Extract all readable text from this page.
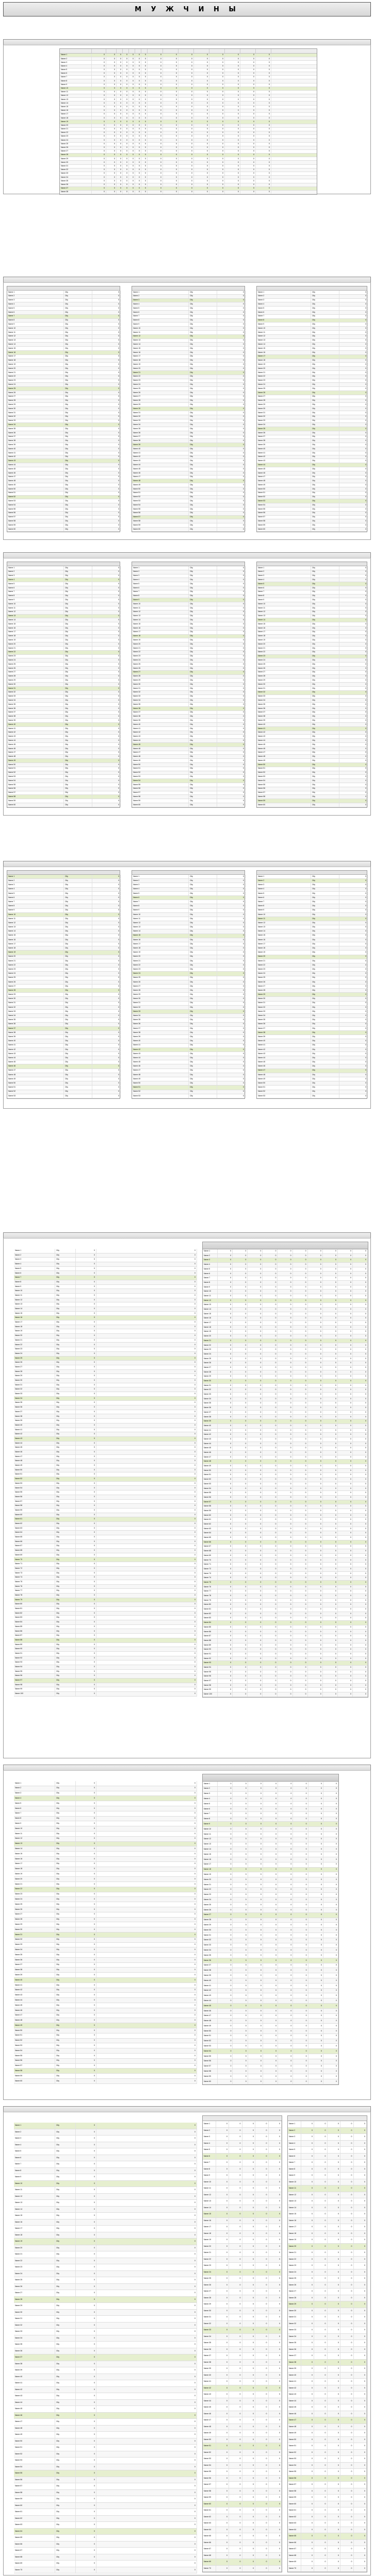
М У Ж Ч И Н Ы
Name 1	0	0	0	0	0	0	0	0	0	0	0	0	0	0	0
Name 2	0	0	0	0	0	0	0	0	0	0	0	0	0	0	0
Name 3	0	0	0	0	0	0	0	0	0	0	0	0	0	0	0
Name 4	0	0	0	0	0	0	0	0	0	0	0	0	0	0	0
Name 5	0	0	0	0	0	0	0	0	0	0	0	0	0	0	0
Name 6	0	0	0	0	0	0	0	0	0	0	0	0	0	0	0
Name 7	0	0	0	0	0	0	0	0	0	0	0	0	0	0	0
Name 8	0	0	0	0	0	0	0	0	0	0	0	0	0	0	0
Name 9	0	0	0	0	0	0	0	0	0	0	0	0	0	0	0
Name 10	0	0	0	0	0	0	0	0	0	0	0	0	0	0	0
Name 11	0	0	0	0	0	0	0	0	0	0	0	0	0	0	0
Name 12	0	0	0	0	0	0	0	0	0	0	0	0	0	0	0
Name 13	0	0	0	0	0	0	0	0	0	0	0	0	0	0	0
Name 14	0	0	0	0	0	0	0	0	0	0	0	0	0	0	0
Name 15	0	0	0	0	0	0	0	0	0	0	0	0	0	0	0
Name 16	0	0	0	0	0	0	0	0	0	0	0	0	0	0	0
Name 17	0	0	0	0	0	0	0	0	0	0	0	0	0	0	0
Name 18	0	0	0	0	0	0	0	0	0	0	0	0	0	0	0
Name 19	0	0	0	0	0	0	0	0	0	0	0	0	0	0	0
Name 20	0	0	0	0	0	0	0	0	0	0	0	0	0	0	0
Name 21	0	0	0	0	0	0	0	0	0	0	0	0	0	0	0
Name 22	0	0	0	0	0	0	0	0	0	0	0	0	0	0	0
Name 23	0	0	0	0	0	0	0	0	0	0	0	0	0	0	0
Name 24	0	0	0	0	0	0	0	0	0	0	0	0	0	0	0
Name 25	0	0	0	0	0	0	0	0	0	0	0	0	0	0	0
Name 26	0	0	0	0	0	0	0	0	0	0	0	0	0	0	0
Name 27	0	0	0	0	0	0	0	0	0	0	0	0	0	0	0
Name 28	0	0	0	0	0	0	0	0	0	0	0	0	0	0	0
Name 29	0	0	0	0	0	0	0	0	0	0	0	0	0	0	0
Name 30	0	0	0	0	0	0	0	0	0	0	0	0	0	0	0
Name 31	0	0	0	0	0	0	0	0	0	0	0	0	0	0	0
Name 32	0	0	0	0	0	0	0	0	0	0	0	0	0	0	0
Name 33	0	0	0	0	0	0	0	0	0	0	0	0	0	0	0
Name 34	0	0	0	0	0	0	0	0	0	0	0	0	0	0	0
Name 35	0	0	0	0	0	0	0	0	0	0	0	0	0	0	0
Name 36	0	0	0	0	0	0	0	0	0	0	0	0	0	0	0
Name 37	0	0	0	0	0	0	0	0	0	0	0	0	0	0	0
Name 38	0	0	0	0	0	0	0	0	0	0	0	0	0	0	0
Name 1	City	0
Name 2	City	0
Name 3	City	0
Name 4	City	0
Name 5	City	0
Name 6	City	0
Name 7	City	0
Name 8	City	0
Name 9	City	0
Name 10	City	0
Name 11	City	0
Name 12	City	0
Name 13	City	0
Name 14	City	0
Name 15	City	0
Name 16	City	0
Name 17	City	0
Name 18	City	0
Name 19	City	0
Name 20	City	0
Name 21	City	0
Name 22	City	0
Name 23	City	0
Name 24	City	0
Name 25	City	0
Name 26	City	0
Name 27	City	0
Name 28	City	0
Name 29	City	0
Name 30	City	0
Name 31	City	0
Name 32	City	0
Name 33	City	0
Name 34	City	0
Name 35	City	0
Name 36	City	0
Name 37	City	0
Name 38	City	0
Name 39	City	0
Name 40	City	0
Name 41	City	0
Name 42	City	0
Name 43	City	0
Name 44	City	0
Name 45	City	0
Name 46	City	0
Name 47	City	0
Name 48	City	0
Name 49	City	0
Name 50	City	0
Name 51	City	0
Name 52	City	0
Name 53	City	0
Name 54	City	0
Name 55	City	0
Name 56	City	0
Name 57	City	0
Name 58	City	0
Name 59	City	0
Name 60	City	0
Name 1	City	0
Name 2	City	0
Name 3	City	0
Name 4	City	0
Name 5	City	0
Name 6	City	0
Name 7	City	0
Name 8	City	0
Name 9	City	0
Name 10	City	0
Name 11	City	0
Name 12	City	0
Name 13	City	0
Name 14	City	0
Name 15	City	0
Name 16	City	0
Name 17	City	0
Name 18	City	0
Name 19	City	0
Name 20	City	0
Name 21	City	0
Name 22	City	0
Name 23	City	0
Name 24	City	0
Name 25	City	0
Name 26	City	0
Name 27	City	0
Name 28	City	0
Name 29	City	0
Name 30	City	0
Name 31	City	0
Name 32	City	0
Name 33	City	0
Name 34	City	0
Name 35	City	0
Name 36	City	0
Name 37	City	0
Name 38	City	0
Name 39	City	0
Name 40	City	0
Name 41	City	0
Name 42	City	0
Name 43	City	0
Name 44	City	0
Name 45	City	0
Name 46	City	0
Name 47	City	0
Name 48	City	0
Name 49	City	0
Name 50	City	0
Name 51	City	0
Name 52	City	0
Name 53	City	0
Name 54	City	0
Name 55	City	0
Name 56	City	0
Name 57	City	0
Name 58	City	0
Name 59	City	0
Name 60	City	0
Name 1	City	0
Name 2	City	0
Name 3	City	0
Name 4	City	0
Name 5	City	0
Name 6	City	0
Name 7	City	0
Name 8	City	0
Name 9	City	0
Name 10	City	0
Name 11	City	0
Name 12	City	0
Name 13	City	0
Name 14	City	0
Name 15	City	0
Name 16	City	0
Name 17	City	0
Name 18	City	0
Name 19	City	0
Name 20	City	0
Name 21	City	0
Name 22	City	0
Name 23	City	0
Name 24	City	0
Name 25	City	0
Name 26	City	0
Name 27	City	0
Name 28	City	0
Name 29	City	0
Name 30	City	0
Name 31	City	0
Name 32	City	0
Name 33	City	0
Name 34	City	0
Name 35	City	0
Name 36	City	0
Name 37	City	0
Name 38	City	0
Name 39	City	0
Name 40	City	0
Name 41	City	0
Name 42	City	0
Name 43	City	0
Name 44	City	0
Name 45	City	0
Name 46	City	0
Name 47	City	0
Name 48	City	0
Name 49	City	0
Name 50	City	0
Name 51	City	0
Name 52	City	0
Name 53	City	0
Name 54	City	0
Name 55	City	0
Name 56	City	0
Name 57	City	0
Name 58	City	0
Name 59	City	0
Name 60	City	0
Name 1	City	0
Name 2	City	0
Name 3	City	0
Name 4	City	0
Name 5	City	0
Name 6	City	0
Name 7	City	0
Name 8	City	0
Name 9	City	0
Name 10	City	0
Name 11	City	0
Name 12	City	0
Name 13	City	0
Name 14	City	0
Name 15	City	0
Name 16	City	0
Name 17	City	0
Name 18	City	0
Name 19	City	0
Name 20	City	0
Name 21	City	0
Name 22	City	0
Name 23	City	0
Name 24	City	0
Name 25	City	0
Name 26	City	0
Name 27	City	0
Name 28	City	0
Name 29	City	0
Name 30	City	0
Name 31	City	0
Name 32	City	0
Name 33	City	0
Name 34	City	0
Name 35	City	0
Name 36	City	0
Name 37	City	0
Name 38	City	0
Name 39	City	0
Name 40	City	0
Name 41	City	0
Name 42	City	0
Name 43	City	0
Name 44	City	0
Name 45	City	0
Name 46	City	0
Name 47	City	0
Name 48	City	0
Name 49	City	0
Name 50	City	0
Name 51	City	0
Name 52	City	0
Name 53	City	0
Name 54	City	0
Name 55	City	0
Name 56	City	0
Name 57	City	0
Name 58	City	0
Name 59	City	0
Name 60	City	0
Name 1	City	0
Name 2	City	0
Name 3	City	0
Name 4	City	0
Name 5	City	0
Name 6	City	0
Name 7	City	0
Name 8	City	0
Name 9	City	0
Name 10	City	0
Name 11	City	0
Name 12	City	0
Name 13	City	0
Name 14	City	0
Name 15	City	0
Name 16	City	0
Name 17	City	0
Name 18	City	0
Name 19	City	0
Name 20	City	0
Name 21	City	0
Name 22	City	0
Name 23	City	0
Name 24	City	0
Name 25	City	0
Name 26	City	0
Name 27	City	0
Name 28	City	0
Name 29	City	0
Name 30	City	0
Name 31	City	0
Name 32	City	0
Name 33	City	0
Name 34	City	0
Name 35	City	0
Name 36	City	0
Name 37	City	0
Name 38	City	0
Name 39	City	0
Name 40	City	0
Name 41	City	0
Name 42	City	0
Name 43	City	0
Name 44	City	0
Name 45	City	0
Name 46	City	0
Name 47	City	0
Name 48	City	0
Name 49	City	0
Name 50	City	0
Name 51	City	0
Name 52	City	0
Name 53	City	0
Name 54	City	0
Name 55	City	0
Name 56	City	0
Name 57	City	0
Name 58	City	0
Name 59	City	0
Name 60	City	0
Name 1	City	0
Name 2	City	0
Name 3	City	0
Name 4	City	0
Name 5	City	0
Name 6	City	0
Name 7	City	0
Name 8	City	0
Name 9	City	0
Name 10	City	0
Name 11	City	0
Name 12	City	0
Name 13	City	0
Name 14	City	0
Name 15	City	0
Name 16	City	0
Name 17	City	0
Name 18	City	0
Name 19	City	0
Name 20	City	0
Name 21	City	0
Name 22	City	0
Name 23	City	0
Name 24	City	0
Name 25	City	0
Name 26	City	0
Name 27	City	0
Name 28	City	0
Name 29	City	0
Name 30	City	0
Name 31	City	0
Name 32	City	0
Name 33	City	0
Name 34	City	0
Name 35	City	0
Name 36	City	0
Name 37	City	0
Name 38	City	0
Name 39	City	0
Name 40	City	0
Name 41	City	0
Name 42	City	0
Name 43	City	0
Name 44	City	0
Name 45	City	0
Name 46	City	0
Name 47	City	0
Name 48	City	0
Name 49	City	0
Name 50	City	0
Name 51	City	0
Name 52	City	0
Name 53	City	0
Name 54	City	0
Name 55	City	0
Name 56	City	0
Name 57	City	0
Name 58	City	0
Name 59	City	0
Name 60	City	0
Name 1	City	0
Name 2	City	0
Name 3	City	0
Name 4	City	0
Name 5	City	0
Name 6	City	0
Name 7	City	0
Name 8	City	0
Name 9	City	0
Name 10	City	0
Name 11	City	0
Name 12	City	0
Name 13	City	0
Name 14	City	0
Name 15	City	0
Name 16	City	0
Name 17	City	0
Name 18	City	0
Name 19	City	0
Name 20	City	0
Name 21	City	0
Name 22	City	0
Name 23	City	0
Name 24	City	0
Name 25	City	0
Name 26	City	0
Name 27	City	0
Name 28	City	0
Name 29	City	0
Name 30	City	0
Name 31	City	0
Name 32	City	0
Name 33	City	0
Name 34	City	0
Name 35	City	0
Name 36	City	0
Name 37	City	0
Name 38	City	0
Name 39	City	0
Name 40	City	0
Name 41	City	0
Name 42	City	0
Name 43	City	0
Name 44	City	0
Name 45	City	0
Name 46	City	0
Name 47	City	0
Name 48	City	0
Name 49	City	0
Name 50	City	0
Name 51	City	0
Name 52	City	0
Name 53	City	0
Name 1	City	0
Name 2	City	0
Name 3	City	0
Name 4	City	0
Name 5	City	0
Name 6	City	0
Name 7	City	0
Name 8	City	0
Name 9	City	0
Name 10	City	0
Name 11	City	0
Name 12	City	0
Name 13	City	0
Name 14	City	0
Name 15	City	0
Name 16	City	0
Name 17	City	0
Name 18	City	0
Name 19	City	0
Name 20	City	0
Name 21	City	0
Name 22	City	0
Name 23	City	0
Name 24	City	0
Name 25	City	0
Name 26	City	0
Name 27	City	0
Name 28	City	0
Name 29	City	0
Name 30	City	0
Name 31	City	0
Name 32	City	0
Name 33	City	0
Name 34	City	0
Name 35	City	0
Name 36	City	0
Name 37	City	0
Name 38	City	0
Name 39	City	0
Name 40	City	0
Name 41	City	0
Name 42	City	0
Name 43	City	0
Name 44	City	0
Name 45	City	0
Name 46	City	0
Name 47	City	0
Name 48	City	0
Name 49	City	0
Name 50	City	0
Name 51	City	0
Name 52	City	0
Name 53	City	0
Name 1	City	0
Name 2	City	0
Name 3	City	0
Name 4	City	0
Name 5	City	0
Name 6	City	0
Name 7	City	0
Name 8	City	0
Name 9	City	0
Name 10	City	0
Name 11	City	0
Name 12	City	0
Name 13	City	0
Name 14	City	0
Name 15	City	0
Name 16	City	0
Name 17	City	0
Name 18	City	0
Name 19	City	0
Name 20	City	0
Name 21	City	0
Name 22	City	0
Name 23	City	0
Name 24	City	0
Name 25	City	0
Name 26	City	0
Name 27	City	0
Name 28	City	0
Name 29	City	0
Name 30	City	0
Name 31	City	0
Name 32	City	0
Name 33	City	0
Name 34	City	0
Name 35	City	0
Name 36	City	0
Name 37	City	0
Name 38	City	0
Name 39	City	0
Name 40	City	0
Name 41	City	0
Name 42	City	0
Name 43	City	0
Name 44	City	0
Name 45	City	0
Name 46	City	0
Name 47	City	0
Name 48	City	0
Name 49	City	0
Name 50	City	0
Name 51	City	0
Name 52	City	0
Name 53	City	0
Name 1	City	0	0
Name 2	City	0	0
Name 3	City	0	0
Name 4	City	0	0
Name 5	City	0	0
Name 6	City	0	0
Name 7	City	0	0
Name 8	City	0	0
Name 9	City	0	0
Name 10	City	0	0
Name 11	City	0	0
Name 12	City	0	0
Name 13	City	0	0
Name 14	City	0	0
Name 15	City	0	0
Name 16	City	0	0
Name 17	City	0	0
Name 18	City	0	0
Name 19	City	0	0
Name 20	City	0	0
Name 21	City	0	0
Name 22	City	0	0
Name 23	City	0	0
Name 24	City	0	0
Name 25	City	0	0
Name 26	City	0	0
Name 27	City	0	0
Name 28	City	0	0
Name 29	City	0	0
Name 30	City	0	0
Name 31	City	0	0
Name 32	City	0	0
Name 33	City	0	0
Name 34	City	0	0
Name 35	City	0	0
Name 36	City	0	0
Name 37	City	0	0
Name 38	City	0	0
Name 39	City	0	0
Name 40	City	0	0
Name 41	City	0	0
Name 42	City	0	0
Name 43	City	0	0
Name 44	City	0	0
Name 45	City	0	0
Name 46	City	0	0
Name 47	City	0	0
Name 48	City	0	0
Name 49	City	0	0
Name 50	City	0	0
Name 51	City	0	0
Name 52	City	0	0
Name 53	City	0	0
Name 54	City	0	0
Name 55	City	0	0
Name 56	City	0	0
Name 57	City	0	0
Name 58	City	0	0
Name 59	City	0	0
Name 60	City	0	0
Name 61	City	0	0
Name 62	City	0	0
Name 63	City	0	0
Name 64	City	0	0
Name 65	City	0	0
Name 66	City	0	0
Name 67	City	0	0
Name 68	City	0	0
Name 69	City	0	0
Name 70	City	0	0
Name 71	City	0	0
Name 72	City	0	0
Name 73	City	0	0
Name 74	City	0	0
Name 75	City	0	0
Name 76	City	0	0
Name 77	City	0	0
Name 78	City	0	0
Name 79	City	0	0
Name 80	City	0	0
Name 81	City	0	0
Name 82	City	0	0
Name 83	City	0	0
Name 84	City	0	0
Name 85	City	0	0
Name 86	City	0	0
Name 87	City	0	0
Name 88	City	0	0
Name 89	City	0	0
Name 90	City	0	0
Name 91	City	0	0
Name 92	City	0	0
Name 93	City	0	0
Name 94	City	0	0
Name 95	City	0	0
Name 96	City	0	0
Name 97	City	0	0
Name 98	City	0	0
Name 99	City	0	0
Name 100	City	0	0
Name 1	0	0	0	0	0	0	0	0	0	0
Name 2	0	0	0	0	0	0	0	0	0	0
Name 3	0	0	0	0	0	0	0	0	0	0
Name 4	0	0	0	0	0	0	0	0	0	0
Name 5	0	0	0	0	0	0	0	0	0	0
Name 6	0	0	0	0	0	0	0	0	0	0
Name 7	0	0	0	0	0	0	0	0	0	0
Name 8	0	0	0	0	0	0	0	0	0	0
Name 9	0	0	0	0	0	0	0	0	0	0
Name 10	0	0	0	0	0	0	0	0	0	0
Name 11	0	0	0	0	0	0	0	0	0	0
Name 12	0	0	0	0	0	0	0	0	0	0
Name 13	0	0	0	0	0	0	0	0	0	0
Name 14	0	0	0	0	0	0	0	0	0	0
Name 15	0	0	0	0	0	0	0	0	0	0
Name 16	0	0	0	0	0	0	0	0	0	0
Name 17	0	0	0	0	0	0	0	0	0	0
Name 18	0	0	0	0	0	0	0	0	0	0
Name 19	0	0	0	0	0	0	0	0	0	0
Name 20	0	0	0	0	0	0	0	0	0	0
Name 21	0	0	0	0	0	0	0	0	0	0
Name 22	0	0	0	0	0	0	0	0	0	0
Name 23	0	0	0	0	0	0	0	0	0	0
Name 24	0	0	0	0	0	0	0	0	0	0
Name 25	0	0	0	0	0	0	0	0	0	0
Name 26	0	0	0	0	0	0	0	0	0	0
Name 27	0	0	0	0	0	0	0	0	0	0
Name 28	0	0	0	0	0	0	0	0	0	0
Name 29	0	0	0	0	0	0	0	0	0	0
Name 30	0	0	0	0	0	0	0	0	0	0
Name 31	0	0	0	0	0	0	0	0	0	0
Name 32	0	0	0	0	0	0	0	0	0	0
Name 33	0	0	0	0	0	0	0	0	0	0
Name 34	0	0	0	0	0	0	0	0	0	0
Name 35	0	0	0	0	0	0	0	0	0	0
Name 36	0	0	0	0	0	0	0	0	0	0
Name 37	0	0	0	0	0	0	0	0	0	0
Name 38	0	0	0	0	0	0	0	0	0	0
Name 39	0	0	0	0	0	0	0	0	0	0
Name 40	0	0	0	0	0	0	0	0	0	0
Name 41	0	0	0	0	0	0	0	0	0	0
Name 42	0	0	0	0	0	0	0	0	0	0
Name 43	0	0	0	0	0	0	0	0	0	0
Name 44	0	0	0	0	0	0	0	0	0	0
Name 45	0	0	0	0	0	0	0	0	0	0
Name 46	0	0	0	0	0	0	0	0	0	0
Name 47	0	0	0	0	0	0	0	0	0	0
Name 48	0	0	0	0	0	0	0	0	0	0
Name 49	0	0	0	0	0	0	0	0	0	0
Name 50	0	0	0	0	0	0	0	0	0	0
Name 51	0	0	0	0	0	0	0	0	0	0
Name 52	0	0	0	0	0	0	0	0	0	0
Name 53	0	0	0	0	0	0	0	0	0	0
Name 54	0	0	0	0	0	0	0	0	0	0
Name 55	0	0	0	0	0	0	0	0	0	0
Name 56	0	0	0	0	0	0	0	0	0	0
Name 57	0	0	0	0	0	0	0	0	0	0
Name 58	0	0	0	0	0	0	0	0	0	0
Name 59	0	0	0	0	0	0	0	0	0	0
Name 60	0	0	0	0	0	0	0	0	0	0
Name 61	0	0	0	0	0	0	0	0	0	0
Name 62	0	0	0	0	0	0	0	0	0	0
Name 63	0	0	0	0	0	0	0	0	0	0
Name 64	0	0	0	0	0	0	0	0	0	0
Name 65	0	0	0	0	0	0	0	0	0	0
Name 66	0	0	0	0	0	0	0	0	0	0
Name 67	0	0	0	0	0	0	0	0	0	0
Name 68	0	0	0	0	0	0	0	0	0	0
Name 69	0	0	0	0	0	0	0	0	0	0
Name 70	0	0	0	0	0	0	0	0	0	0
Name 71	0	0	0	0	0	0	0	0	0	0
Name 72	0	0	0	0	0	0	0	0	0	0
Name 73	0	0	0	0	0	0	0	0	0	0
Name 74	0	0	0	0	0	0	0	0	0	0
Name 75	0	0	0	0	0	0	0	0	0	0
Name 76	0	0	0	0	0	0	0	0	0	0
Name 77	0	0	0	0	0	0	0	0	0	0
Name 78	0	0	0	0	0	0	0	0	0	0
Name 79	0	0	0	0	0	0	0	0	0	0
Name 80	0	0	0	0	0	0	0	0	0	0
Name 81	0	0	0	0	0	0	0	0	0	0
Name 82	0	0	0	0	0	0	0	0	0	0
Name 83	0	0	0	0	0	0	0	0	0	0
Name 84	0	0	0	0	0	0	0	0	0	0
Name 85	0	0	0	0	0	0	0	0	0	0
Name 86	0	0	0	0	0	0	0	0	0	0
Name 87	0	0	0	0	0	0	0	0	0	0
Name 88	0	0	0	0	0	0	0	0	0	0
Name 89	0	0	0	0	0	0	0	0	0	0
Name 90	0	0	0	0	0	0	0	0	0	0
Name 91	0	0	0	0	0	0	0	0	0	0
Name 92	0	0	0	0	0	0	0	0	0	0
Name 93	0	0	0	0	0	0	0	0	0	0
Name 94	0	0	0	0	0	0	0	0	0	0
Name 95	0	0	0	0	0	0	0	0	0	0
Name 96	0	0	0	0	0	0	0	0	0	0
Name 97	0	0	0	0	0	0	0	0	0	0
Name 98	0	0	0	0	0	0	0	0	0	0
Name 99	0	0	0	0	0	0	0	0	0	0
Name 100	0	0	0	0	0	0	0	0	0	0
Name 1	City	0	0
Name 2	City	0	0
Name 3	City	0	0
Name 4	City	0	0
Name 5	City	0	0
Name 6	City	0	0
Name 7	City	0	0
Name 8	City	0	0
Name 9	City	0	0
Name 10	City	0	0
Name 11	City	0	0
Name 12	City	0	0
Name 13	City	0	0
Name 14	City	0	0
Name 15	City	0	0
Name 16	City	0	0
Name 17	City	0	0
Name 18	City	0	0
Name 19	City	0	0
Name 20	City	0	0
Name 21	City	0	0
Name 22	City	0	0
Name 23	City	0	0
Name 24	City	0	0
Name 25	City	0	0
Name 26	City	0	0
Name 27	City	0	0
Name 28	City	0	0
Name 29	City	0	0
Name 30	City	0	0
Name 31	City	0	0
Name 32	City	0	0
Name 33	City	0	0
Name 34	City	0	0
Name 35	City	0	0
Name 36	City	0	0
Name 37	City	0	0
Name 38	City	0	0
Name 39	City	0	0
Name 40	City	0	0
Name 41	City	0	0
Name 42	City	0	0
Name 43	City	0	0
Name 44	City	0	0
Name 45	City	0	0
Name 46	City	0	0
Name 47	City	0	0
Name 48	City	0	0
Name 49	City	0	0
Name 50	City	0	0
Name 51	City	0	0
Name 52	City	0	0
Name 53	City	0	0
Name 54	City	0	0
Name 55	City	0	0
Name 56	City	0	0
Name 57	City	0	0
Name 58	City	0	0
Name 59	City	0	0
Name 60	City	0	0
Name 1	0	0	0	0	0	0	0	0
Name 2	0	0	0	0	0	0	0	0
Name 3	0	0	0	0	0	0	0	0
Name 4	0	0	0	0	0	0	0	0
Name 5	0	0	0	0	0	0	0	0
Name 6	0	0	0	0	0	0	0	0
Name 7	0	0	0	0	0	0	0	0
Name 8	0	0	0	0	0	0	0	0
Name 9	0	0	0	0	0	0	0	0
Name 10	0	0	0	0	0	0	0	0
Name 11	0	0	0	0	0	0	0	0
Name 12	0	0	0	0	0	0	0	0
Name 13	0	0	0	0	0	0	0	0
Name 14	0	0	0	0	0	0	0	0
Name 15	0	0	0	0	0	0	0	0
Name 16	0	0	0	0	0	0	0	0
Name 17	0	0	0	0	0	0	0	0
Name 18	0	0	0	0	0	0	0	0
Name 19	0	0	0	0	0	0	0	0
Name 20	0	0	0	0	0	0	0	0
Name 21	0	0	0	0	0	0	0	0
Name 22	0	0	0	0	0	0	0	0
Name 23	0	0	0	0	0	0	0	0
Name 24	0	0	0	0	0	0	0	0
Name 25	0	0	0	0	0	0	0	0
Name 26	0	0	0	0	0	0	0	0
Name 27	0	0	0	0	0	0	0	0
Name 28	0	0	0	0	0	0	0	0
Name 29	0	0	0	0	0	0	0	0
Name 30	0	0	0	0	0	0	0	0
Name 31	0	0	0	0	0	0	0	0
Name 32	0	0	0	0	0	0	0	0
Name 33	0	0	0	0	0	0	0	0
Name 34	0	0	0	0	0	0	0	0
Name 35	0	0	0	0	0	0	0	0
Name 36	0	0	0	0	0	0	0	0
Name 37	0	0	0	0	0	0	0	0
Name 38	0	0	0	0	0	0	0	0
Name 39	0	0	0	0	0	0	0	0
Name 40	0	0	0	0	0	0	0	0
Name 41	0	0	0	0	0	0	0	0
Name 42	0	0	0	0	0	0	0	0
Name 43	0	0	0	0	0	0	0	0
Name 44	0	0	0	0	0	0	0	0
Name 45	0	0	0	0	0	0	0	0
Name 46	0	0	0	0	0	0	0	0
Name 47	0	0	0	0	0	0	0	0
Name 48	0	0	0	0	0	0	0	0
Name 49	0	0	0	0	0	0	0	0
Name 50	0	0	0	0	0	0	0	0
Name 51	0	0	0	0	0	0	0	0
Name 52	0	0	0	0	0	0	0	0
Name 53	0	0	0	0	0	0	0	0
Name 54	0	0	0	0	0	0	0	0
Name 55	0	0	0	0	0	0	0	0
Name 56	0	0	0	0	0	0	0	0
Name 57	0	0	0	0	0	0	0	0
Name 58	0	0	0	0	0	0	0	0
Name 59	0	0	0	0	0	0	0	0
Name 60	0	0	0	0	0	0	0	0
Name 1	City	0	0
Name 2	City	0	0
Name 3	City	0	0
Name 4	City	0	0
Name 5	City	0	0
Name 6	City	0	0
Name 7	City	0	0
Name 8	City	0	0
Name 9	City	0	0
Name 10	City	0	0
Name 11	City	0	0
Name 12	City	0	0
Name 13	City	0	0
Name 14	City	0	0
Name 15	City	0	0
Name 16	City	0	0
Name 17	City	0	0
Name 18	City	0	0
Name 19	City	0	0
Name 20	City	0	0
Name 21	City	0	0
Name 22	City	0	0
Name 23	City	0	0
Name 24	City	0	0
Name 25	City	0	0
Name 26	City	0	0
Name 27	City	0	0
Name 28	City	0	0
Name 29	City	0	0
Name 30	City	0	0
Name 31	City	0	0
Name 32	City	0	0
Name 33	City	0	0
Name 34	City	0	0
Name 35	City	0	0
Name 36	City	0	0
Name 37	City	0	0
Name 38	City	0	0
Name 39	City	0	0
Name 40	City	0	0
Name 41	City	0	0
Name 42	City	0	0
Name 43	City	0	0
Name 44	City	0	0
Name 45	City	0	0
Name 46	City	0	0
Name 47	City	0	0
Name 48	City	0	0
Name 49	City	0	0
Name 50	City	0	0
Name 51	City	0	0
Name 52	City	0	0
Name 53	City	0	0
Name 54	City	0	0
Name 55	City	0	0
Name 56	City	0	0
Name 57	City	0	0
Name 58	City	0	0
Name 59	City	0	0
Name 60	City	0	0
Name 61	City	0	0
Name 62	City	0	0
Name 63	City	0	0
Name 64	City	0	0
Name 65	City	0	0
Name 66	City	0	0
Name 67	City	0	0
Name 68	City	0	0
Name 69	City	0	0
Name 70	City	0	0
Name 1	0	0	0	0	0
Name 2	0	0	0	0	0
Name 3	0	0	0	0	0
Name 4	0	0	0	0	0
Name 5	0	0	0	0	0
Name 6	0	0	0	0	0
Name 7	0	0	0	0	0
Name 8	0	0	0	0	0
Name 9	0	0	0	0	0
Name 10	0	0	0	0	0
Name 11	0	0	0	0	0
Name 12	0	0	0	0	0
Name 13	0	0	0	0	0
Name 14	0	0	0	0	0
Name 15	0	0	0	0	0
Name 16	0	0	0	0	0
Name 17	0	0	0	0	0
Name 18	0	0	0	0	0
Name 19	0	0	0	0	0
Name 20	0	0	0	0	0
Name 21	0	0	0	0	0
Name 22	0	0	0	0	0
Name 23	0	0	0	0	0
Name 24	0	0	0	0	0
Name 25	0	0	0	0	0
Name 26	0	0	0	0	0
Name 27	0	0	0	0	0
Name 28	0	0	0	0	0
Name 29	0	0	0	0	0
Name 30	0	0	0	0	0
Name 31	0	0	0	0	0
Name 32	0	0	0	0	0
Name 33	0	0	0	0	0
Name 34	0	0	0	0	0
Name 35	0	0	0	0	0
Name 36	0	0	0	0	0
Name 37	0	0	0	0	0
Name 38	0	0	0	0	0
Name 39	0	0	0	0	0
Name 40	0	0	0	0	0
Name 41	0	0	0	0	0
Name 42	0	0	0	0	0
Name 43	0	0	0	0	0
Name 44	0	0	0	0	0
Name 45	0	0	0	0	0
Name 46	0	0	0	0	0
Name 47	0	0	0	0	0
Name 48	0	0	0	0	0
Name 49	0	0	0	0	0
Name 50	0	0	0	0	0
Name 51	0	0	0	0	0
Name 52	0	0	0	0	0
Name 53	0	0	0	0	0
Name 54	0	0	0	0	0
Name 55	0	0	0	0	0
Name 56	0	0	0	0	0
Name 57	0	0	0	0	0
Name 58	0	0	0	0	0
Name 59	0	0	0	0	0
Name 60	0	0	0	0	0
Name 61	0	0	0	0	0
Name 62	0	0	0	0	0
Name 63	0	0	0	0	0
Name 64	0	0	0	0	0
Name 65	0	0	0	0	0
Name 66	0	0	0	0	0
Name 67	0	0	0	0	0
Name 68	0	0	0	0	0
Name 69	0	0	0	0	0
Name 70	0	0	0	0	0
Name 1	0	0	0	0	0
Name 2	0	0	0	0	0
Name 3	0	0	0	0	0
Name 4	0	0	0	0	0
Name 5	0	0	0	0	0
Name 6	0	0	0	0	0
Name 7	0	0	0	0	0
Name 8	0	0	0	0	0
Name 9	0	0	0	0	0
Name 10	0	0	0	0	0
Name 11	0	0	0	0	0
Name 12	0	0	0	0	0
Name 13	0	0	0	0	0
Name 14	0	0	0	0	0
Name 15	0	0	0	0	0
Name 16	0	0	0	0	0
Name 17	0	0	0	0	0
Name 18	0	0	0	0	0
Name 19	0	0	0	0	0
Name 20	0	0	0	0	0
Name 21	0	0	0	0	0
Name 22	0	0	0	0	0
Name 23	0	0	0	0	0
Name 24	0	0	0	0	0
Name 25	0	0	0	0	0
Name 26	0	0	0	0	0
Name 27	0	0	0	0	0
Name 28	0	0	0	0	0
Name 29	0	0	0	0	0
Name 30	0	0	0	0	0
Name 31	0	0	0	0	0
Name 32	0	0	0	0	0
Name 33	0	0	0	0	0
Name 34	0	0	0	0	0
Name 35	0	0	0	0	0
Name 36	0	0	0	0	0
Name 37	0	0	0	0	0
Name 38	0	0	0	0	0
Name 39	0	0	0	0	0
Name 40	0	0	0	0	0
Name 41	0	0	0	0	0
Name 42	0	0	0	0	0
Name 43	0	0	0	0	0
Name 44	0	0	0	0	0
Name 45	0	0	0	0	0
Name 46	0	0	0	0	0
Name 47	0	0	0	0	0
Name 48	0	0	0	0	0
Name 49	0	0	0	0	0
Name 50	0	0	0	0	0
Name 51	0	0	0	0	0
Name 52	0	0	0	0	0
Name 53	0	0	0	0	0
Name 54	0	0	0	0	0
Name 55	0	0	0	0	0
Name 56	0	0	0	0	0
Name 57	0	0	0	0	0
Name 58	0	0	0	0	0
Name 59	0	0	0	0	0
Name 60	0	0	0	0	0
Name 61	0	0	0	0	0
Name 62	0	0	0	0	0
Name 63	0	0	0	0	0
Name 64	0	0	0	0	0
Name 65	0	0	0	0	0
Name 66	0	0	0	0	0
Name 67	0	0	0	0	0
Name 68	0	0	0	0	0
Name 69	0	0	0	0	0
Name 70	0	0	0	0	0
